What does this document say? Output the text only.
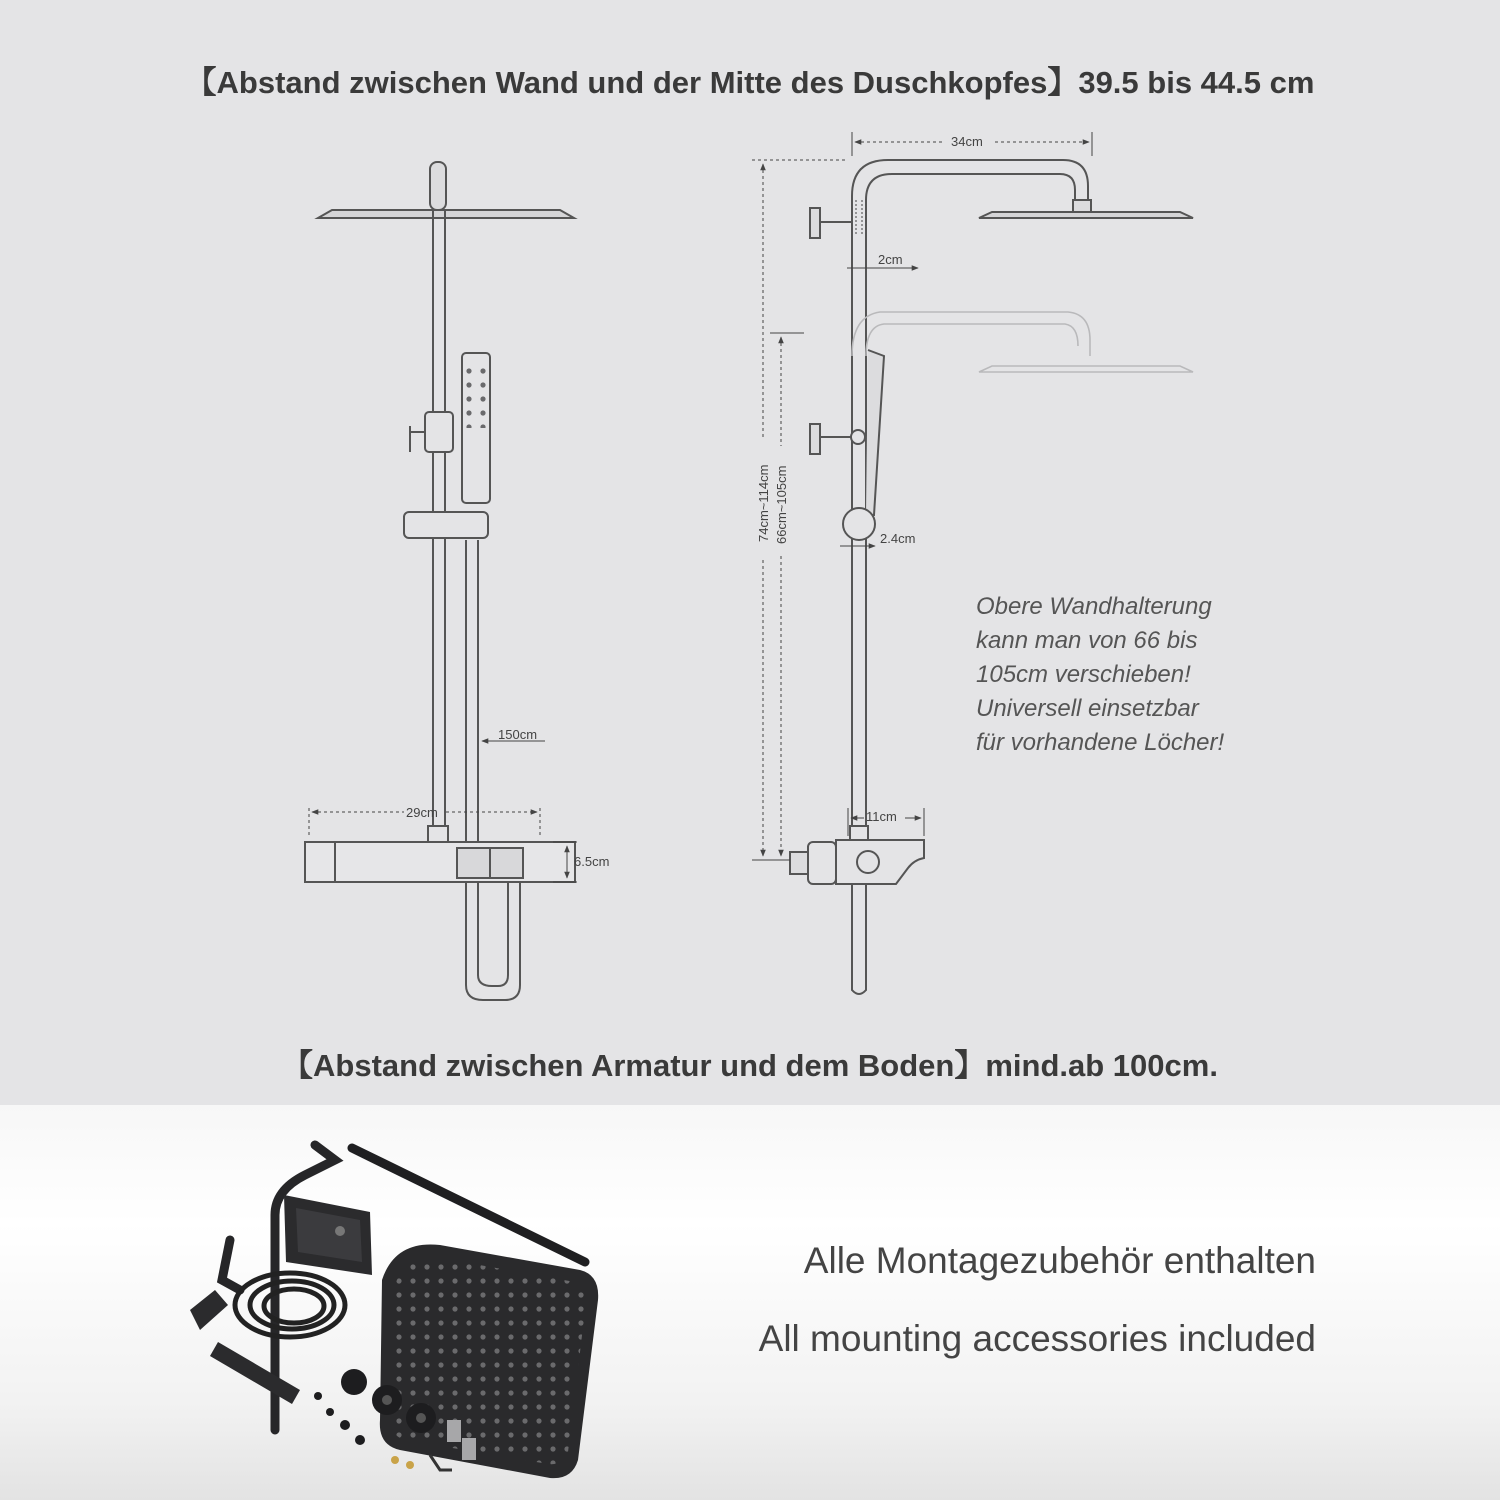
【Abstand zwischen Wand und der Mitte des Duschkopfes】39.5 bis 44.5 cm
29cm
6.5cm
150cm
34cm
2cm
2.4cm
11cm
74cm~114cm 66cm~105cm
Obere Wandhalterung
kann man von 66 bis
105cm verschieben!
Universell einsetzbar
für vorhandene Löcher!
【Abstand zwischen Armatur und dem Boden】mind.ab 100cm.
Alle Montagezubehör enthalten
All mounting accessories included
